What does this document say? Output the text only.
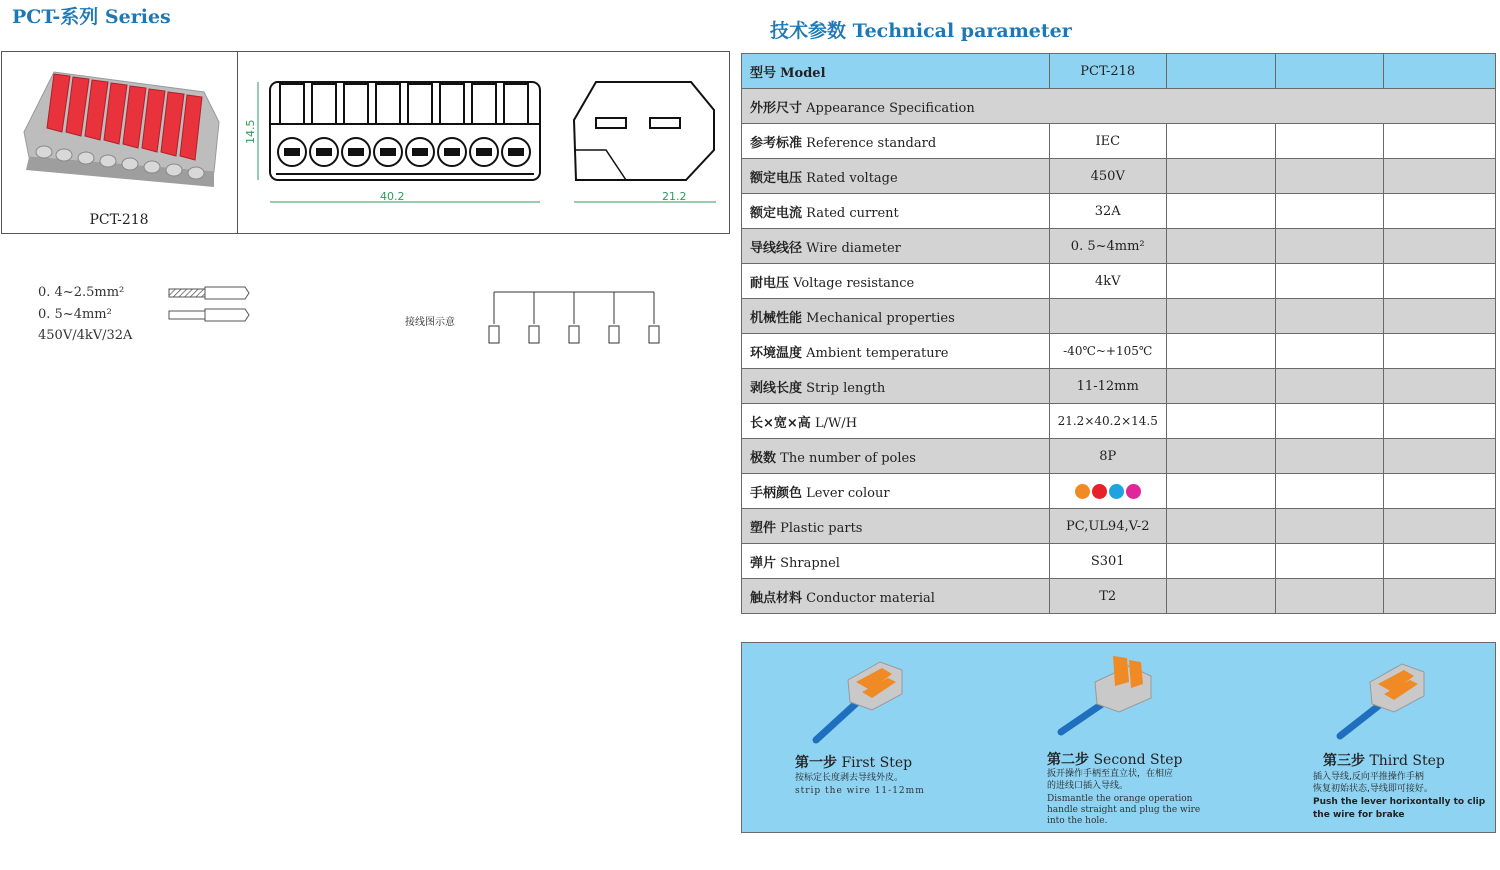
PCT-系列 Series
技术参数 Technical parameter
PCT-218
14.5
40.2	21.2
0. 4~2.5mm²
0. 5~4mm²
450V/4kV/32A
接线图示意
型号 Model	PCT-218			
外形尺寸 Appearance Specification				
参考标准 Reference standard	IEC			
额定电压 Rated voltage	450V			
额定电流 Rated current	32A			
导线线径 Wire diameter	0. 5~4mm²			
耐电压 Voltage resistance	4kV			
机械性能 Mechanical properties				
环境温度 Ambient temperature	-40℃~+105℃			
剥线长度 Strip length	11-12mm			
长×宽×高 L/W/H	21.2×40.2×14.5			
极数 The number of poles	8P			
手柄颜色 Lever colour				
塑件 Plastic parts	PC,UL94,V-2			
弹片 Shrapnel	S301			
触点材料 Conductor material	T2			
第一步 First Step
按标定长度剥去导线外皮。
strip the wire 11-12mm
第二步 Second Step
扳开操作手柄至直立状，在相应
的进线口插入导线。
Dismantle the orange operation
handle straight and plug the wire
into the hole.
第三步 Third Step
插入导线,反向平推操作手柄
恢复初始状态,导线即可接好。
Push the lever horixontally to clip
the wire for brake
